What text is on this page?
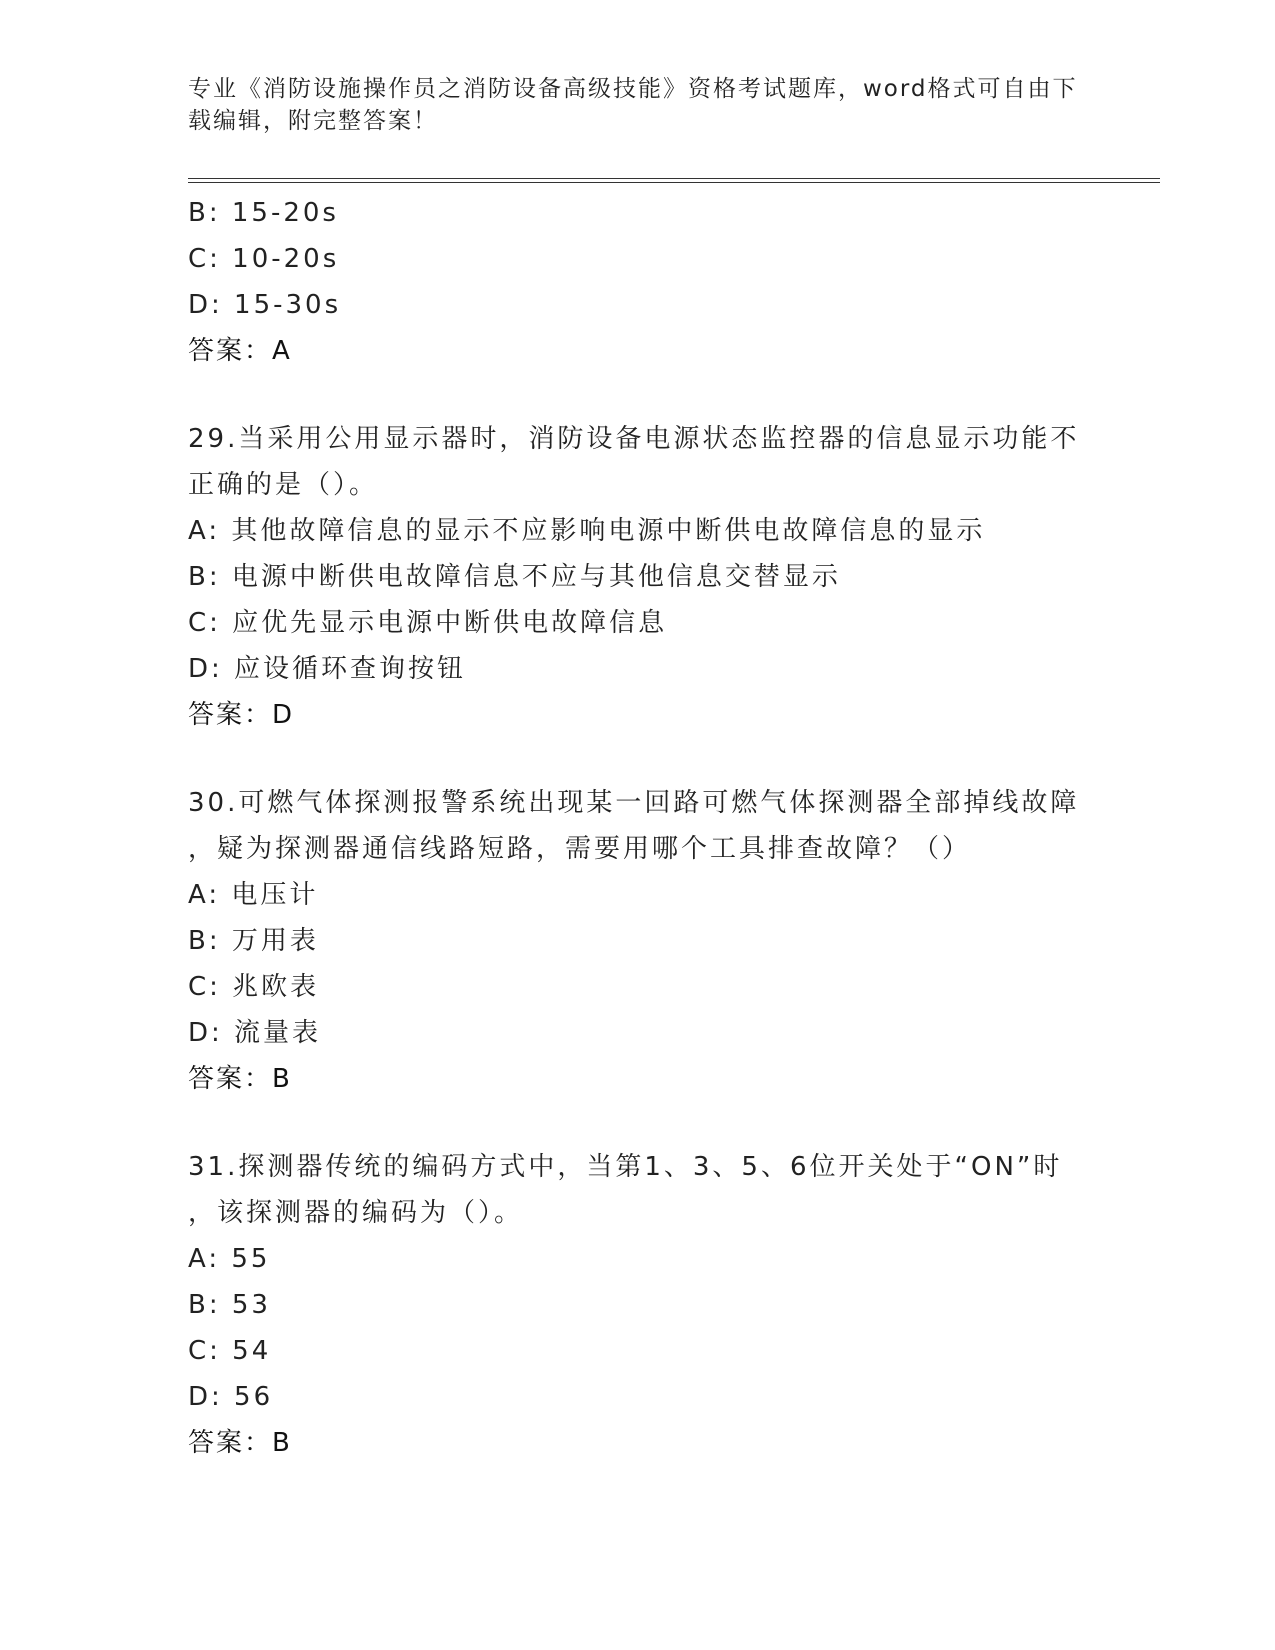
专业《消防设施操作员之消防设备高级技能》资格考试题库，word格式可自由下
载编辑，附完整答案！
B: 15-20s
C: 10-20s
D: 15-30s
答案：A
29.当采用公用显示器时，消防设备电源状态监控器的信息显示功能不
正确的是（）。
A: 其他故障信息的显示不应影响电源中断供电故障信息的显示
B: 电源中断供电故障信息不应与其他信息交替显示
C: 应优先显示电源中断供电故障信息
D: 应设循环查询按钮
答案：D
30.可燃气体探测报警系统出现某一回路可燃气体探测器全部掉线故障
，疑为探测器通信线路短路，需要用哪个工具排查故障？（）
A: 电压计
B: 万用表
C: 兆欧表
D: 流量表
答案：B
31.探测器传统的编码方式中，当第1、3、5、6位开关处于“ON”时
，该探测器的编码为（）。
A: 55
B: 53
C: 54
D: 56
答案：B
